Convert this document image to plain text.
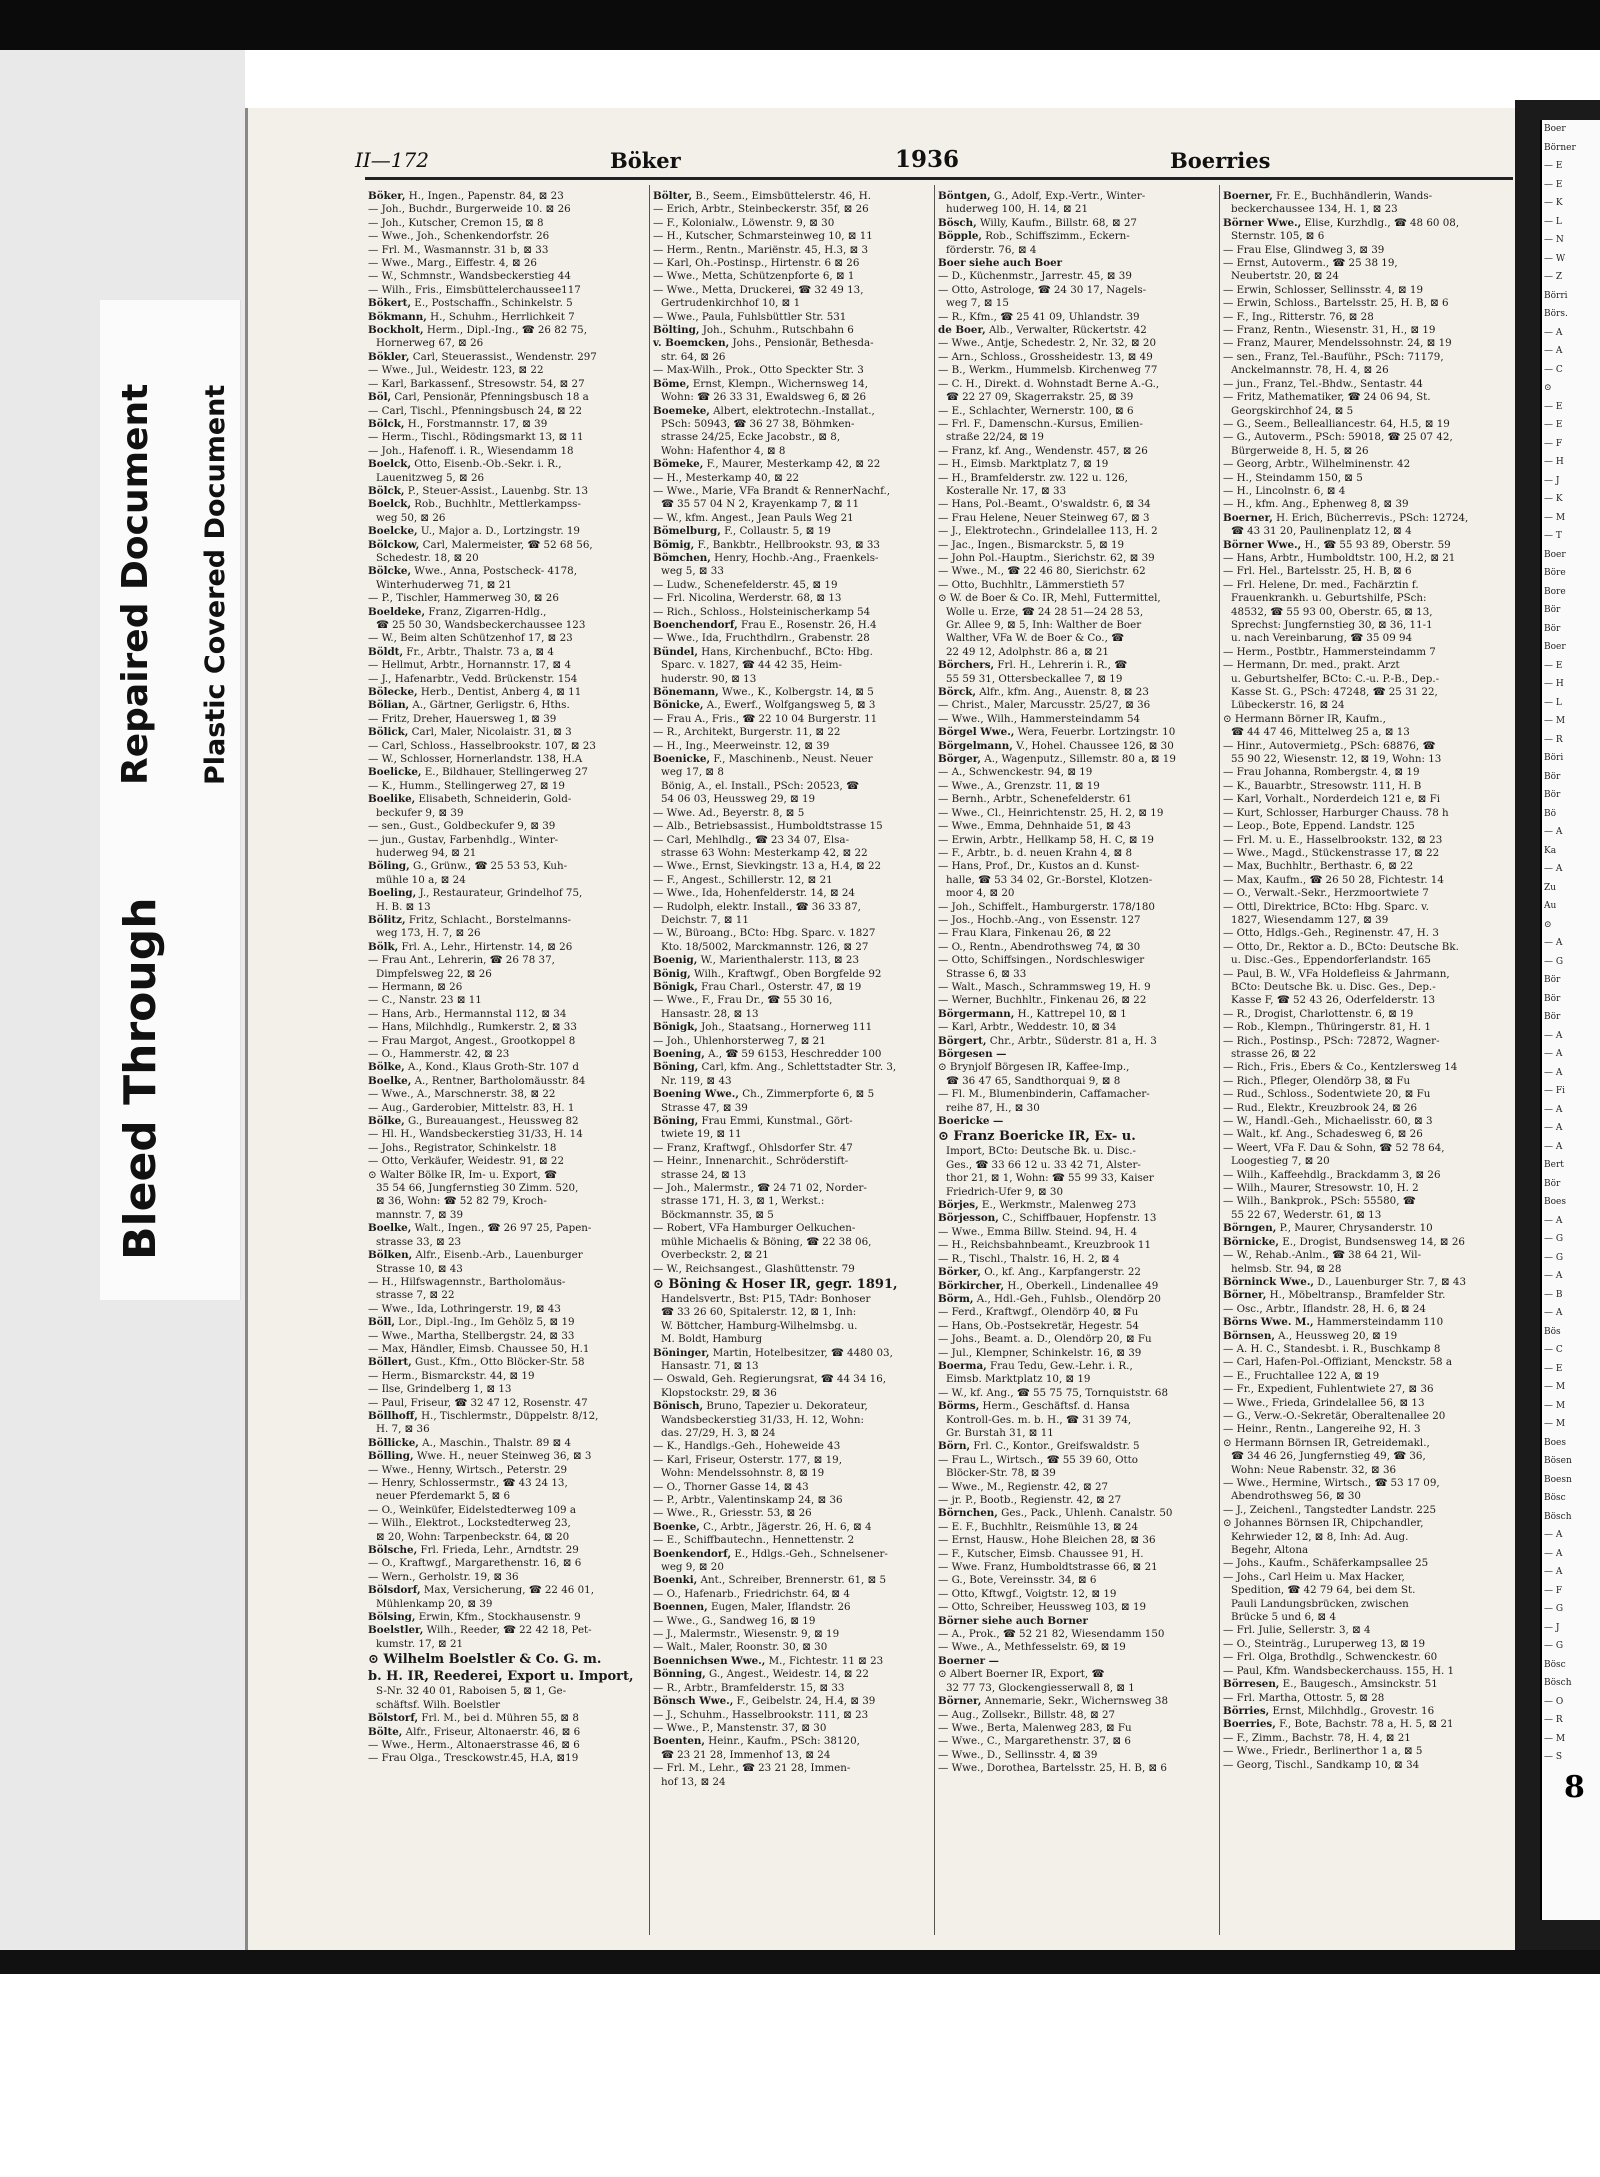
Bleed Through
Repaired Document Plastic Covered Document
Boer
Börner
— E
— E
— K
— L
— N
— W
— Z
Börri
Börs.
— A
— A
— C
⊙
— E
— E
— F
— H
— J
— K
— M
— T
Boer
Böre
Bore
Bör
Bör
Boer
— E
— H
— L
— M
— R
Böri
Bör
Bör
Bö
— A
Ka
— A
Zu
Au
⊙
— A
— G
Bör
Bör
Bör
— A
— A
— A
— Fi
— A
— A
— A
Bert
Bör
Boes
— A
— G
— G
— A
— B
— A
Bös
— C
— E
— M
— M
— M
Boes
Bösen
Boesn
Bösc
Bösch
— A
— A
— A
— F
— G
— J
— G
Bösc
Bösch
— O
— R
— M
— S
8
II—172	Böker	1936	Boerries
Böker, H., Ingen., Papenstr. 84, ⊠ 23
— Joh., Buchdr., Burgerweide 10. ⊠ 26
— Joh., Kutscher, Cremon 15, ⊠ 8
— Wwe., Joh., Schenkendorfstr. 26
— Frl. M., Wasmannstr. 31 b, ⊠ 33
— Wwe., Marg., Eiffestr. 4, ⊠ 26
— W., Schmnstr., Wandsbeckerstieg 44
— Wilh., Fris., Eimsbüttelerchaussee117
Bökert, E., Postschaffn., Schinkelstr. 5
Bökmann, H., Schuhm., Herrlichkeit 7
Bockholt, Herm., Dipl.-Ing., ☎ 26 82 75,
Hornerweg 67, ⊠ 26
Bökler, Carl, Steuerassist., Wendenstr. 297
— Wwe., Jul., Weidestr. 123, ⊠ 22
— Karl, Barkassenf., Stresowstr. 54, ⊠ 27
Böl, Carl, Pensionär, Pfenningsbusch 18 a
— Carl, Tischl., Pfenningsbusch 24, ⊠ 22
Bölck, H., Forstmannstr. 17, ⊠ 39
— Herm., Tischl., Rödingsmarkt 13, ⊠ 11
— Joh., Hafenoff. i. R., Wiesendamm 18
Boelck, Otto, Eisenb.-Ob.-Sekr. i. R.,
Lauenitzweg 5, ⊠ 26
Bölck, P., Steuer-Assist., Lauenbg. Str. 13
Boelck, Rob., Buchhltr., Mettlerkampss-
weg 50, ⊠ 26
Boelcke, U., Major a. D., Lortzingstr. 19
Bölckow, Carl, Malermeister, ☎ 52 68 56,
Schedestr. 18, ⊠ 20
Bölcke, Wwe., Anna, Postscheck- 4178,
Winterhuderweg 71, ⊠ 21
— P., Tischler, Hammerweg 30, ⊠ 26
Boeldeke, Franz, Zigarren-Hdlg.,
☎ 25 50 30, Wandsbeckerchaussee 123
— W., Beim alten Schützenhof 17, ⊠ 23
Böldt, Fr., Arbtr., Thalstr. 73 a, ⊠ 4
— Hellmut, Arbtr., Hornannstr. 17, ⊠ 4
— J., Hafenarbtr., Vedd. Brückenstr. 154
Bölecke, Herb., Dentist, Anberg 4, ⊠ 11
Bölian, A., Gärtner, Gerligstr. 6, Hths.
— Fritz, Dreher, Hauersweg 1, ⊠ 39
Bölick, Carl, Maler, Nicolaistr. 31, ⊠ 3
— Carl, Schloss., Hasselbrookstr. 107, ⊠ 23
— W., Schlosser, Hornerlandstr. 138, H.A
Boelicke, E., Bildhauer, Stellingerweg 27
— K., Humm., Stellingerweg 27, ⊠ 19
Boelike, Elisabeth, Schneiderin, Gold-
beckufer 9, ⊠ 39
— sen., Gust., Goldbeckufer 9, ⊠ 39
— jun., Gustav, Farbenhdlg., Winter-
huderweg 94, ⊠ 21
Böling, G., Grünw., ☎ 25 53 53, Kuh-
mühle 10 a, ⊠ 24
Boeling, J., Restaurateur, Grindelhof 75,
H. B. ⊠ 13
Bölitz, Fritz, Schlacht., Borstelmanns-
weg 173, H. 7, ⊠ 26
Bölk, Frl. A., Lehr., Hirtenstr. 14, ⊠ 26
— Frau Ant., Lehrerin, ☎ 26 78 37,
Dimpfelsweg 22, ⊠ 26
— Hermann, ⊠ 26
— C., Nanstr. 23 ⊠ 11
— Hans, Arb., Hermannstal 112, ⊠ 34
— Hans, Milchhdlg., Rumkerstr. 2, ⊠ 33
— Frau Margot, Angest., Grootkoppel 8
— O., Hammerstr. 42, ⊠ 23
Bölke, A., Kond., Klaus Groth-Str. 107 d
Boelke, A., Rentner, Bartholomäusstr. 84
— Wwe., A., Marschnerstr. 38, ⊠ 22
— Aug., Garderobier, Mittelstr. 83, H. 1
Bölke, G., Bureauangest., Heussweg 82
— Hl. H., Wandsbeckerstieg 31/33, H. 14
— Johs., Registrator, Schinkelstr. 18
— Otto, Verkäufer, Weidestr. 91, ⊠ 22
⊙ Walter Bölke IR, Im- u. Export, ☎
35 54 66, Jungfernstieg 30 Zimm. 520,
⊠ 36, Wohn: ☎ 52 82 79, Kroch-
mannstr. 7, ⊠ 39
Boelke, Walt., Ingen., ☎ 26 97 25, Papen-
strasse 33, ⊠ 23
Bölken, Alfr., Eisenb.-Arb., Lauenburger
Strasse 10, ⊠ 43
— H., Hilfswagennstr., Bartholomäus-
strasse 7, ⊠ 22
— Wwe., Ida, Lothringerstr. 19, ⊠ 43
Böll, Lor., Dipl.-Ing., Im Gehölz 5, ⊠ 19
— Wwe., Martha, Stellbergstr. 24, ⊠ 33
— Max, Händler, Eimsb. Chaussee 50, H.1
Böllert, Gust., Kfm., Otto Blöcker-Str. 58
— Herm., Bismarckstr. 44, ⊠ 19
— Ilse, Grindelberg 1, ⊠ 13
— Paul, Friseur, ☎ 32 47 12, Rosenstr. 47
Böllhoff, H., Tischlermstr., Düppelstr. 8/12,
H. 7, ⊠ 36
Böllicke, A., Maschin., Thalstr. 89 ⊠ 4
Bölling, Wwe. H., neuer Steinweg 36, ⊠ 3
— Wwe., Henny, Wirtsch., Peterstr. 29
— Henry, Schlossermstr., ☎ 43 24 13,
neuer Pferdemarkt 5, ⊠ 6
— O., Weinküfer, Eidelstedterweg 109 a
— Wilh., Elektrot., Lockstedterweg 23,
⊠ 20, Wohn: Tarpenbeckstr. 64, ⊠ 20
Bölsche, Frl. Frieda, Lehr., Arndtstr. 29
— O., Kraftwgf., Margarethenstr. 16, ⊠ 6
— Wern., Gerholstr. 19, ⊠ 36
Bölsdorf, Max, Versicherung, ☎ 22 46 01,
Mühlenkamp 20, ⊠ 39
Bölsing, Erwin, Kfm., Stockhausenstr. 9
Boelstler, Wilh., Reeder, ☎ 22 42 18, Pet-
kumstr. 17, ⊠ 21
⊙ Wilhelm Boelstler & Co. G. m.
b. H. IR, Reederei, Export u. Import,
S-Nr. 32 40 01, Raboisen 5, ⊠ 1, Ge-
schäftsf. Wilh. Boelstler
Bölstorf, Frl. M., bei d. Mühren 55, ⊠ 8
Bölte, Alfr., Friseur, Altonaerstr. 46, ⊠ 6
— Wwe., Herm., Altonaerstrasse 46, ⊠ 6
— Frau Olga., Tresckowstr.45, H.A, ⊠19
Bölter, B., Seem., Eimsbüttelerstr. 46, H.
— Erich, Arbtr., Steinbeckerstr. 35f, ⊠ 26
— F., Kolonialw., Löwenstr. 9, ⊠ 30
— H., Kutscher, Schmarsteinweg 10, ⊠ 11
— Herm., Rentn., Mariënstr. 45, H.3, ⊠ 3
— Karl, Oh.-Postinsp., Hirtenstr. 6 ⊠ 26
— Wwe., Metta, Schützenpforte 6, ⊠ 1
— Wwe., Metta, Druckerei, ☎ 32 49 13,
Gertrudenkirchhof 10, ⊠ 1
— Wwe., Paula, Fuhlsbüttler Str. 531
Bölting, Joh., Schuhm., Rutschbahn 6
v. Boemcken, Johs., Pensionär, Bethesda-
str. 64, ⊠ 26
— Max-Wilh., Prok., Otto Speckter Str. 3
Böme, Ernst, Klempn., Wichernsweg 14,
Wohn: ☎ 26 33 31, Ewaldsweg 6, ⊠ 26
Boemeke, Albert, elektrotechn.-Installat.,
PSch: 50943, ☎ 36 27 38, Böhmken-
strasse 24/25, Ecke Jacobstr., ⊠ 8,
Wohn: Hafenthor 4, ⊠ 8
Bömeke, F., Maurer, Mesterkamp 42, ⊠ 22
— H., Mesterkamp 40, ⊠ 22
— Wwe., Marie, VFa Brandt & RennerNachf.,
☎ 35 57 04 N 2, Krayenkamp 7, ⊠ 11
— W., kfm. Angest., Jean Pauls Weg 21
Bömelburg, F., Collaustr. 5, ⊠ 19
Bömig, F., Bankbtr., Hellbrookstr. 93, ⊠ 33
Bömchen, Henry, Hochb.-Ang., Fraenkels-
weg 5, ⊠ 33
— Ludw., Schenefelderstr. 45, ⊠ 19
— Frl. Nicolina, Werderstr. 68, ⊠ 13
— Rich., Schloss., Holsteinischerkamp 54
Boenchendorf, Frau E., Rosenstr. 26, H.4
— Wwe., Ida, Fruchthdlrn., Grabenstr. 28
Bündel, Hans, Kirchenbuchf., BCto: Hbg.
Sparc. v. 1827, ☎ 44 42 35, Heim-
huderstr. 90, ⊠ 13
Bönemann, Wwe., K., Kolbergstr. 14, ⊠ 5
Bönicke, A., Ewerf., Wolfgangsweg 5, ⊠ 3
— Frau A., Fris., ☎ 22 10 04 Burgerstr. 11
— R., Architekt, Burgerstr. 11, ⊠ 22
— H., Ing., Meerweinstr. 12, ⊠ 39
Boenicke, F., Maschinenb., Neust. Neuer
weg 17, ⊠ 8
Bönig, A., el. Install., PSch: 20523, ☎
54 06 03, Heussweg 29, ⊠ 19
— Wwe. Ad., Beyerstr. 8, ⊠ 5
— Alb., Betriebsassist., Humboldtstrasse 15
— Carl, Mehlhdlg., ☎ 23 34 07, Elsa-
strasse 63 Wohn: Mesterkamp 42, ⊠ 22
— Wwe., Ernst, Sievkingstr. 13 a, H.4, ⊠ 22
— F., Angest., Schillerstr. 12, ⊠ 21
— Wwe., Ida, Hohenfelderstr. 14, ⊠ 24
— Rudolph, elektr. Install., ☎ 36 33 87,
Deichstr. 7, ⊠ 11
— W., Büroang., BCto: Hbg. Sparc. v. 1827
Kto. 18/5002, Marckmannstr. 126, ⊠ 27
Boenig, W., Marienthalerstr. 113, ⊠ 23
Bönig, Wilh., Kraftwgf., Oben Borgfelde 92
Bönigk, Frau Charl., Osterstr. 47, ⊠ 19
— Wwe., F., Frau Dr., ☎ 55 30 16,
Hansastr. 28, ⊠ 13
Bönigk, Joh., Staatsang., Hornerweg 111
— Joh., Uhlenhorsterweg 7, ⊠ 21
Boening, A., ☎ 59 6153, Heschredder 100
Böning, Carl, kfm. Ang., Schlettstadter Str. 3,
Nr. 119, ⊠ 43
Boening Wwe., Ch., Zimmerpforte 6, ⊠ 5
Strasse 47, ⊠ 39
Böning, Frau Emmi, Kunstmal., Gört-
twiete 19, ⊠ 11
— Franz, Kraftwgf., Ohlsdorfer Str. 47
— Heinr., Innenarchit., Schröderstift-
strasse 24, ⊠ 13
— Joh., Malermstr., ☎ 24 71 02, Norder-
strasse 171, H. 3, ⊠ 1, Werkst.:
Böckmannstr. 35, ⊠ 5
— Robert, VFa Hamburger Oelkuchen-
mühle Michaelis & Böning, ☎ 22 38 06,
Overbeckstr. 2, ⊠ 21
— W., Reichsangest., Glashüttenstr. 79
⊙ Böning & Hoser IR, gegr. 1891,
Handelsvertr., Bst: P15, TAdr: Bonhoser
☎ 33 26 60, Spitalerstr. 12, ⊠ 1, Inh:
W. Böttcher, Hamburg-Wilhelmsbg. u.
M. Boldt, Hamburg
Böninger, Martin, Hotelbesitzer, ☎ 4480 03,
Hansastr. 71, ⊠ 13
— Oswald, Geh. Regierungsrat, ☎ 44 34 16,
Klopstockstr. 29, ⊠ 36
Bönisch, Bruno, Tapezier u. Dekorateur,
Wandsbeckerstieg 31/33, H. 12, Wohn:
das. 27/29, H. 3, ⊠ 24
— K., Handlgs.-Geh., Hoheweide 43
— Karl, Friseur, Osterstr. 177, ⊠ 19,
Wohn: Mendelssohnstr. 8, ⊠ 19
— O., Thorner Gasse 14, ⊠ 43
— P., Arbtr., Valentinskamp 24, ⊠ 36
— Wwe., R., Griesstr. 53, ⊠ 26
Boenke, C., Arbtr., Jägerstr. 26, H. 6, ⊠ 4
— E., Schiffbautechn., Hennettenstr. 2
Boenkendorf, E., Hdlgs.-Geh., Schnelsener-
weg 9, ⊠ 20
Boenki, Ant., Schreiber, Brennerstr. 61, ⊠ 5
— O., Hafenarb., Friedrichstr. 64, ⊠ 4
Boennen, Eugen, Maler, Iflandstr. 26
— Wwe., G., Sandweg 16, ⊠ 19
— J., Malermstr., Wiesenstr. 9, ⊠ 19
— Walt., Maler, Roonstr. 30, ⊠ 30
Boennichsen Wwe., M., Fichtestr. 11 ⊠ 23
Bönning, G., Angest., Weidestr. 14, ⊠ 22
— R., Arbtr., Bramfelderstr. 15, ⊠ 33
Bönsch Wwe., F., Geibelstr. 24, H.4, ⊠ 39
— J., Schuhm., Hasselbrookstr. 111, ⊠ 23
— Wwe., P., Manstenstr. 37, ⊠ 30
Boenten, Heinr., Kaufm., PSch: 38120,
☎ 23 21 28, Immenhof 13, ⊠ 24
— Frl. M., Lehr., ☎ 23 21 28, Immen-
hof 13, ⊠ 24
Böntgen, G., Adolf, Exp.-Vertr., Winter-
huderweg 100, H. 14, ⊠ 21
Bösch, Willy, Kaufm., Billstr. 68, ⊠ 27
Böpple, Rob., Schiffszimm., Eckern-
förderstr. 76, ⊠ 4
Boer siehe auch Boer
— D., Küchenmstr., Jarrestr. 45, ⊠ 39
— Otto, Astrologe, ☎ 24 30 17, Nagels-
weg 7, ⊠ 15
— R., Kfm., ☎ 25 41 09, Uhlandstr. 39
de Boer, Alb., Verwalter, Rückertstr. 42
— Wwe., Antje, Schedestr. 2, Nr. 32, ⊠ 20
— Arn., Schloss., Grossheidestr. 13, ⊠ 49
— B., Werkm., Hummelsb. Kirchenweg 77
— C. H., Direkt. d. Wohnstadt Berne A.-G.,
☎ 22 27 09, Skagerrakstr. 25, ⊠ 39
— E., Schlachter, Wernerstr. 100, ⊠ 6
— Frl. F., Damenschn.-Kursus, Emilien-
straße 22/24, ⊠ 19
— Franz, kf. Ang., Wendenstr. 457, ⊠ 26
— H., Eimsb. Marktplatz 7, ⊠ 19
— H., Bramfelderstr. zw. 122 u. 126,
Kosteralle Nr. 17, ⊠ 33
— Hans, Pol.-Beamt., O'swaldstr. 6, ⊠ 34
— Frau Helene, Neuer Steinweg 67, ⊠ 3
— J., Elektrotechn., Grindelallee 113, H. 2
— Jac., Ingen., Bismarckstr. 5, ⊠ 19
— John Pol.-Hauptm., Sierichstr. 62, ⊠ 39
— Wwe., M., ☎ 22 46 80, Sierichstr. 62
— Otto, Buchhltr., Lämmerstieth 57
⊙ W. de Boer & Co. IR, Mehl, Futtermittel,
Wolle u. Erze, ☎ 24 28 51—24 28 53,
Gr. Allee 9, ⊠ 5, Inh: Walther de Boer
Walther, VFa W. de Boer & Co., ☎
22 49 12, Adolphstr. 86 a, ⊠ 21
Börchers, Frl. H., Lehrerin i. R., ☎
55 59 31, Ottersbeckallee 7, ⊠ 19
Börck, Alfr., kfm. Ang., Auenstr. 8, ⊠ 23
— Christ., Maler, Marcusstr. 25/27, ⊠ 36
— Wwe., Wilh., Hammersteindamm 54
Börgel Wwe., Wera, Feuerbr. Lortzingstr. 10
Börgelmann, V., Hohel. Chaussee 126, ⊠ 30
Börger, A., Wagenputz., Sillemstr. 80 a, ⊠ 19
— A., Schwenckestr. 94, ⊠ 19
— Wwe., A., Grenzstr. 11, ⊠ 19
— Bernh., Arbtr., Schenefelderstr. 61
— Wwe., Cl., Heinrichtenstr. 25, H. 2, ⊠ 19
— Wwe., Emma, Dehnhaide 51, ⊠ 43
— Erwin, Arbtr., Hellkamp 58, H. C, ⊠ 19
— F., Arbtr., b. d. neuen Krahn 4, ⊠ 8
— Hans, Prof., Dr., Kustos an d. Kunst-
halle, ☎ 53 34 02, Gr.-Borstel, Klotzen-
moor 4, ⊠ 20
— Joh., Schiffelt., Hamburgerstr. 178/180
— Jos., Hochb.-Ang., von Essenstr. 127
— Frau Klara, Finkenau 26, ⊠ 22
— O., Rentn., Abendrothsweg 74, ⊠ 30
— Otto, Schiffsingen., Nordschleswiger
Strasse 6, ⊠ 33
— Walt., Masch., Schrammsweg 19, H. 9
— Werner, Buchhltr., Finkenau 26, ⊠ 22
Börgermann, H., Kattrepel 10, ⊠ 1
— Karl, Arbtr., Weddestr. 10, ⊠ 34
Börgert, Chr., Arbtr., Süderstr. 81 a, H. 3
Börgesen —
⊙ Brynjolf Börgesen IR, Kaffee-Imp.,
☎ 36 47 65, Sandthorquai 9, ⊠ 8
— Fl. M., Blumenbinderin, Caffamacher-
reihe 87, H., ⊠ 30
Boericke —
⊙ Franz Boericke IR, Ex- u.
Import, BCto: Deutsche Bk. u. Disc.-
Ges., ☎ 33 66 12 u. 33 42 71, Alster-
thor 21, ⊠ 1, Wohn: ☎ 55 99 33, Kaiser
Friedrich-Ufer 9, ⊠ 30
Börjes, E., Werkmstr., Malenweg 273
Börjesson, C., Schiffbauer, Hopfenstr. 13
— Wwe., Emma Billw. Steind. 94, H. 4
— H., Reichsbahnbeamt., Kreuzbrook 11
— R., Tischl., Thalstr. 16, H. 2, ⊠ 4
Börker, O., kf. Ang., Karpfangerstr. 22
Börkircher, H., Oberkell., Lindenallee 49
Börm, A., Hdl.-Geh., Fuhlsb., Olendörp 20
— Ferd., Kraftwgf., Olendörp 40, ⊠ Fu
— Hans, Ob.-Postsekretär, Hegestr. 54
— Johs., Beamt. a. D., Olendörp 20, ⊠ Fu
— Jul., Klempner, Schinkelstr. 16, ⊠ 39
Boerma, Frau Tedu, Gew.-Lehr. i. R.,
Eimsb. Marktplatz 10, ⊠ 19
— W., kf. Ang., ☎ 55 75 75, Tornquiststr. 68
Börms, Herm., Geschäftsf. d. Hansa
Kontroll-Ges. m. b. H., ☎ 31 39 74,
Gr. Burstah 31, ⊠ 11
Börn, Frl. C., Kontor., Greifswaldstr. 5
— Frau L., Wirtsch., ☎ 55 39 60, Otto
Blöcker-Str. 78, ⊠ 39
— Wwe., M., Regienstr. 42, ⊠ 27
— jr. P., Bootb., Regienstr. 42, ⊠ 27
Börnchen, Ges., Pack., Uhlenh. Canalstr. 50
— E. F., Buchhltr., Reismühle 13, ⊠ 24
— Ernst, Hausw., Hohe Bleichen 28, ⊠ 36
— F., Kutscher, Eimsb. Chaussee 91, H.
— Wwe. Franz, Humboldtstrasse 66, ⊠ 21
— G., Bote, Vereinsstr. 34, ⊠ 6
— Otto, Kftwgf., Voigtstr. 12, ⊠ 19
— Otto, Schreiber, Heussweg 103, ⊠ 19
Börner siehe auch Borner
— A., Prok., ☎ 52 21 82, Wiesendamm 150
— Wwe., A., Methfesselstr. 69, ⊠ 19
Boerner —
⊙ Albert Boerner IR, Export, ☎
32 77 73, Glockengiesserwall 8, ⊠ 1
Börner, Annemarie, Sekr., Wichernsweg 38
— Aug., Zollsekr., Billstr. 48, ⊠ 27
— Wwe., Berta, Malenweg 283, ⊠ Fu
— Wwe., C., Margarethenstr. 37, ⊠ 6
— Wwe., D., Sellinsstr. 4, ⊠ 39
— Wwe., Dorothea, Bartelsstr. 25, H. B, ⊠ 6
Boerner, Fr. E., Buchhändlerin, Wands-
beckerchaussee 134, H. 1, ⊠ 23
Börner Wwe., Elise, Kurzhdlg., ☎ 48 60 08,
Sternstr. 105, ⊠ 6
— Frau Else, Glindweg 3, ⊠ 39
— Ernst, Autoverm., ☎ 25 38 19,
Neubertstr. 20, ⊠ 24
— Erwin, Schlosser, Sellinsstr. 4, ⊠ 19
— Erwin, Schloss., Bartelsstr. 25, H. B, ⊠ 6
— F., Ing., Ritterstr. 76, ⊠ 28
— Franz, Rentn., Wiesenstr. 31, H., ⊠ 19
— Franz, Maurer, Mendelssohnstr. 24, ⊠ 19
— sen., Franz, Tel.-Bauführ., PSch: 71179,
Anckelmannstr. 78, H. 4, ⊠ 26
— jun., Franz, Tel.-Bhdw., Sentastr. 44
— Fritz, Mathematiker, ☎ 24 06 94, St.
Georgskirchhof 24, ⊠ 5
— G., Seem., Bellealliancestr. 64, H.5, ⊠ 19
— G., Autoverm., PSch: 59018, ☎ 25 07 42,
Bürgerweide 8, H. 5, ⊠ 26
— Georg, Arbtr., Wilhelminenstr. 42
— H., Steindamm 150, ⊠ 5
— H., Lincolnstr. 6, ⊠ 4
— H., kfm. Ang., Ephenweg 8, ⊠ 39
Boerner, H. Erich, Bücherrevis., PSch: 12724,
☎ 43 31 20, Paulinenplatz 12, ⊠ 4
Börner Wwe., H., ☎ 55 93 89, Oberstr. 59
— Hans, Arbtr., Humboldtstr. 100, H.2, ⊠ 21
— Frl. Hel., Bartelsstr. 25, H. B, ⊠ 6
— Frl. Helene, Dr. med., Fachärztin f.
Frauenkrankh. u. Geburtshilfe, PSch:
48532, ☎ 55 93 00, Oberstr. 65, ⊠ 13,
Sprechst: Jungfernstieg 30, ⊠ 36, 11-1
u. nach Vereinbarung, ☎ 35 09 94
— Herm., Postbtr., Hammersteindamm 7
— Hermann, Dr. med., prakt. Arzt
u. Geburtshelfer, BCto: C.-u. P.-B., Dep.-
Kasse St. G., PSch: 47248, ☎ 25 31 22,
Lübeckerstr. 16, ⊠ 24
⊙ Hermann Börner IR, Kaufm.,
☎ 44 47 46, Mittelweg 25 a, ⊠ 13
— Hinr., Autovermietg., PSch: 68876, ☎
55 90 22, Wiesenstr. 12, ⊠ 19, Wohn: 13
— Frau Johanna, Rombergstr. 4, ⊠ 19
— K., Bauarbtr., Stresowstr. 111, H. B
— Karl, Vorhalt., Norderdeich 121 e, ⊠ Fi
— Kurt, Schlosser, Harburger Chauss. 78 h
— Leop., Bote, Eppend. Landstr. 125
— Frl. M. u. E., Hasselbrookstr. 132, ⊠ 23
— Wwe., Magd., Stückenstrasse 17, ⊠ 22
— Max, Buchhltr., Berthastr. 6, ⊠ 22
— Max, Kaufm., ☎ 26 50 28, Fichtestr. 14
— O., Verwalt.-Sekr., Herzmoortwiete 7
— Ottl, Direktrice, BCto: Hbg. Sparc. v.
1827, Wiesendamm 127, ⊠ 39
— Otto, Hdlgs.-Geh., Reginenstr. 47, H. 3
— Otto, Dr., Rektor a. D., BCto: Deutsche Bk.
u. Disc.-Ges., Eppendorferlandstr. 165
— Paul, B. W., VFa Holdefleiss & Jahrmann,
BCto: Deutsche Bk. u. Disc. Ges., Dep.-
Kasse F, ☎ 52 43 26, Oderfelderstr. 13
— R., Drogist, Charlottenstr. 6, ⊠ 19
— Rob., Klempn., Thüringerstr. 81, H. 1
— Rich., Postinsp., PSch: 72872, Wagner-
strasse 26, ⊠ 22
— Rich., Fris., Ebers & Co., Kentzlersweg 14
— Rich., Pfleger, Olendörp 38, ⊠ Fu
— Rud., Schloss., Sodentwiete 20, ⊠ Fu
— Rud., Elektr., Kreuzbrook 24, ⊠ 26
— W., Handl.-Geh., Michaelisstr. 60, ⊠ 3
— Walt., kf. Ang., Schadesweg 6, ⊠ 26
— Weert, VFa F. Dau & Sohn, ☎ 52 78 64,
Loogestieg 7, ⊠ 20
— Wilh., Kaffeehdlg., Brackdamm 3, ⊠ 26
— Wilh., Maurer, Stresowstr. 10, H. 2
— Wilh., Bankprok., PSch: 55580, ☎
55 22 67, Wederstr. 61, ⊠ 13
Börngen, P., Maurer, Chrysanderstr. 10
Börnicke, E., Drogist, Bundsensweg 14, ⊠ 26
— W., Rehab.-Anlm., ☎ 38 64 21, Wil-
helmsb. Str. 94, ⊠ 28
Börninck Wwe., D., Lauenburger Str. 7, ⊠ 43
Börner, H., Möbeltransp., Bramfelder Str.
— Osc., Arbtr., Iflandstr. 28, H. 6, ⊠ 24
Börns Wwe. M., Hammersteindamm 110
Börnsen, A., Heussweg 20, ⊠ 19
— A. H. C., Standesbt. i. R., Buschkamp 8
— Carl, Hafen-Pol.-Offiziant, Menckstr. 58 a
— E., Fruchtallee 122 A, ⊠ 19
— Fr., Expedient, Fuhlentwiete 27, ⊠ 36
— Wwe., Frieda, Grindelallee 56, ⊠ 13
— G., Verw.-O.-Sekretär, Oberaltenallee 20
— Heinr., Rentn., Langereihe 92, H. 3
⊙ Hermann Börnsen IR, Getreidemakl.,
☎ 34 46 26, Jungfernstieg 49, ☎ 36,
Wohn: Neue Rabenstr. 32, ⊠ 36
— Wwe., Hermine, Wirtsch., ☎ 53 17 09,
Abendrothsweg 56, ⊠ 30
— J., Zeichenl., Tangstedter Landstr. 225
⊙ Johannes Börnsen IR, Chipchandler,
Kehrwieder 12, ⊠ 8, Inh: Ad. Aug.
Begehr, Altona
— Johs., Kaufm., Schäferkampsallee 25
— Johs., Carl Heim u. Max Hacker,
Spedition, ☎ 42 79 64, bei dem St.
Pauli Landungsbrücken, zwischen
Brücke 5 und 6, ⊠ 4
— Frl. Julie, Sellerstr. 3, ⊠ 4
— O., Steinträg., Luruperweg 13, ⊠ 19
— Frl. Olga, Brothdlg., Schwenckestr. 60
— Paul, Kfm. Wandsbeckerchauss. 155, H. 1
Börresen, E., Baugesch., Amsinckstr. 51
— Frl. Martha, Ottostr. 5, ⊠ 28
Börries, Ernst, Milchhdlg., Grovestr. 16
Boerries, F., Bote, Bachstr. 78 a, H. 5, ⊠ 21
— F., Zimm., Bachstr. 78, H. 4, ⊠ 21
— Wwe., Friedr., Berlinerthor 1 a, ⊠ 5
— Georg, Tischl., Sandkamp 10, ⊠ 34
